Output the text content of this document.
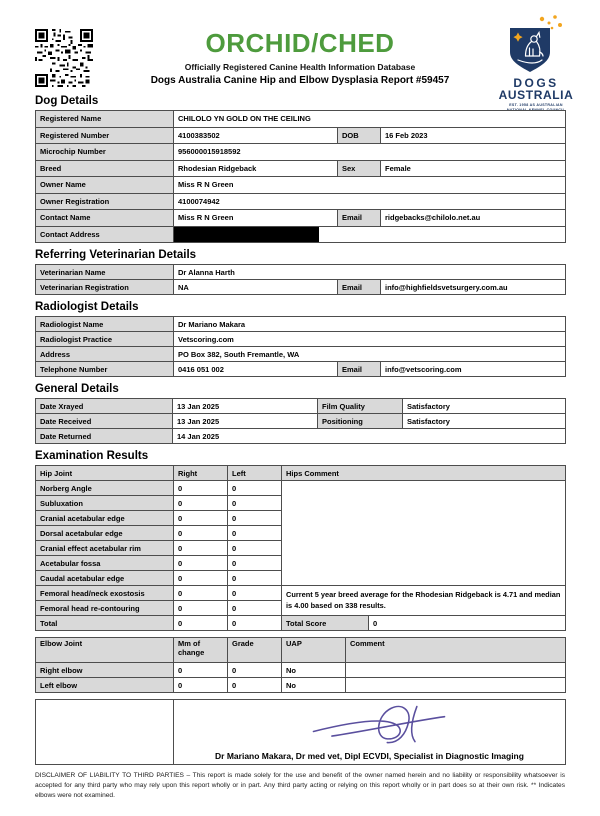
ORCHID/CHED
Officially Registered Canine Health Information Database
Dogs Australia Canine Hip and Elbow Dysplasia Report #59457	DOGS
AUSTRALIA
EST. 1958 AS AUSTRALIAN
NATIONAL KENNEL COUNCIL
Dog Details
Registered Name	CHILOLO YN GOLD ON THE CEILING		
Registered Number	4100383502	DOB	16 Feb 2023
Microchip Number	956000015918592		
Breed	Rhodesian Ridgeback	Sex	Female
Owner Name	Miss R N Green		
Owner Registration	4100074942		
Contact Name	Miss R N Green	Email	ridgebacks@chilolo.net.au
Contact Address			
Referring Veterinarian Details
Veterinarian Name	Dr Alanna Harth		
Veterinarian Registration	NA	Email	info@highfieldsvetsurgery.com.au
Radiologist Details
Radiologist Name	Dr Mariano Makara		
Radiologist Practice	Vetscoring.com		
Address	PO Box 382, South Fremantle, WA		
Telephone Number	0416 051 002	Email	info@vetscoring.com
General Details
Date Xrayed	13 Jan 2025	Film Quality	Satisfactory
Date Received	13 Jan 2025	Positioning	Satisfactory
Date Returned	14 Jan 2025		
Examination Results
Hip Joint	Right	Left	Hips Comment	
Norberg Angle	0	0		
Subluxation	0	0		
Cranial acetabular edge	0	0		
Dorsal acetabular edge	0	0		
Cranial effect acetabular rim	0	0		
Acetabular fossa	0	0		
Caudal acetabular edge	0	0		
Femoral head/neck exostosis	0	0	Current 5 year breed average for the Rhodesian Ridgeback is 4.71 and median is 4.00 based on 338 results.	
Femoral head re-contouring	0	0		
Total	0	0	Total Score	0
Elbow Joint	Mm of change	Grade	UAP	Comment
Right elbow	0	0	No	
Left elbow	0	0	No	

Dr Mariano Makara, Dr med vet, Dipl ECVDI, Specialist in Diagnostic Imaging

DISCLAIMER OF LIABILITY TO THIRD PARTIES – This report is made solely for the use and benefit of the owner named herein and no liability or responsibility whatsoever is accepted for any third party who may rely upon this report wholly or in part. Any third party acting or relying on this report wholly or in part does so at their own risk. ** Indicates elbows were not examined.
